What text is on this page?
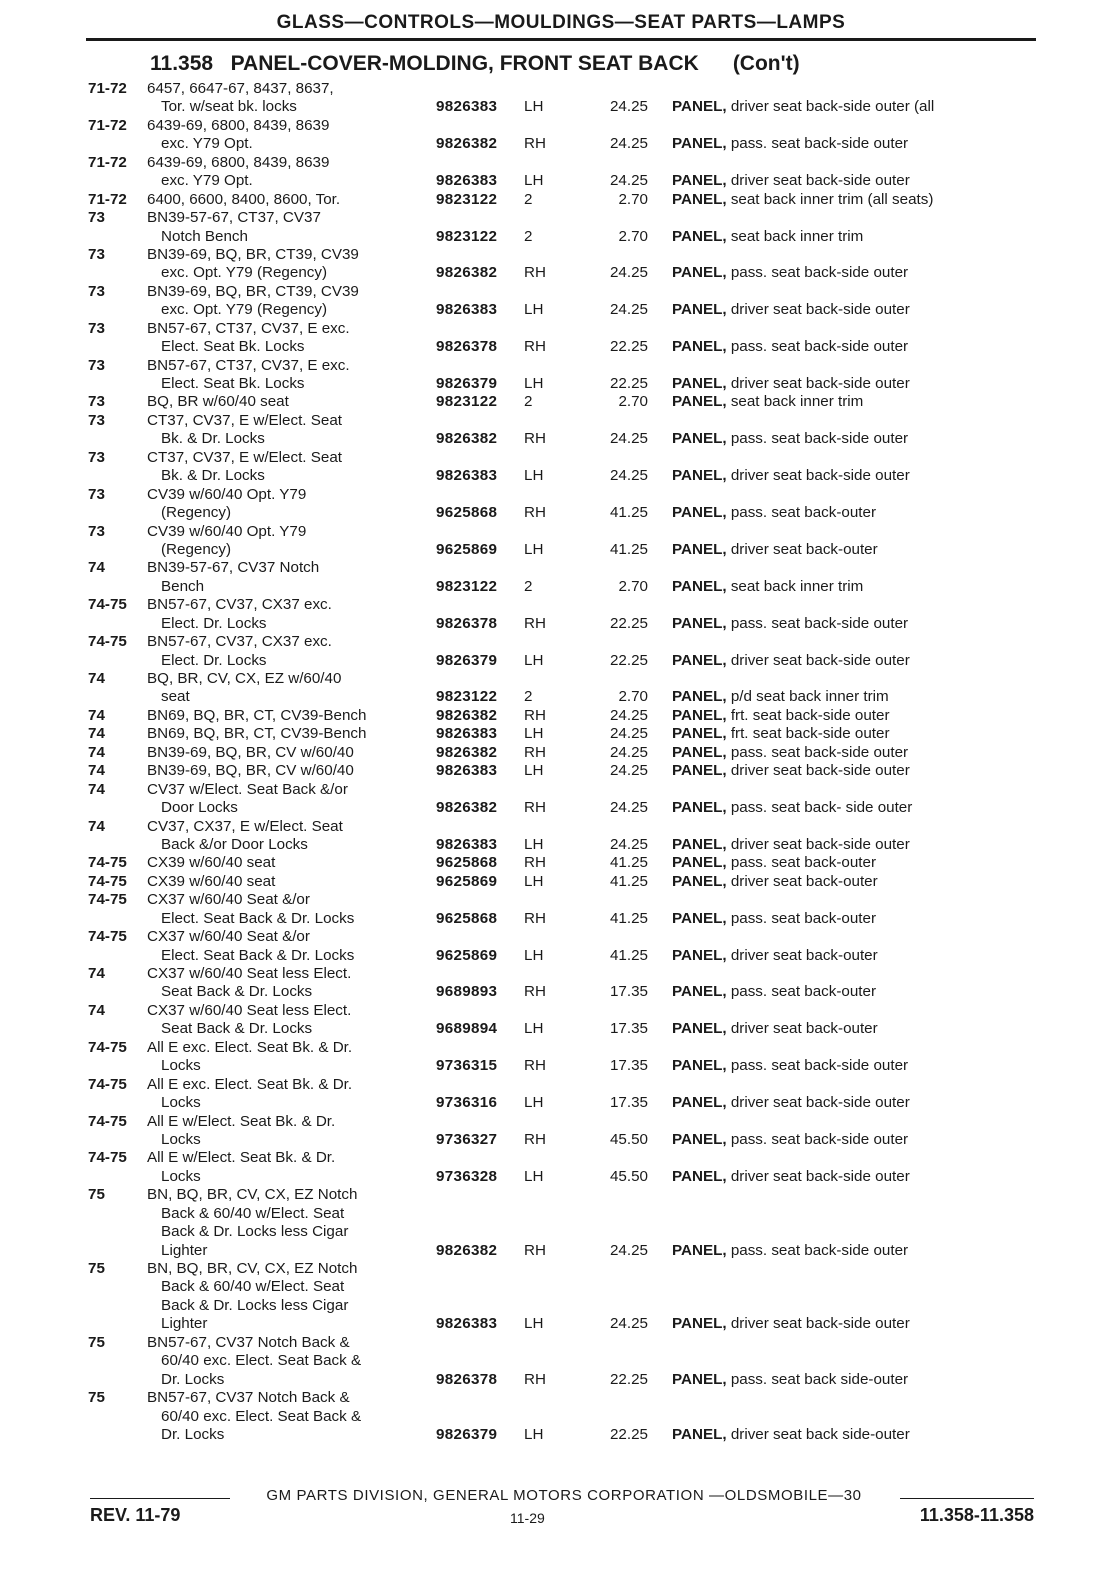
GLASS—CONTROLS—MOULDINGS—SEAT PARTS—LAMPS
11.358 PANEL-COVER-MOLDING, FRONT SEAT BACK (Con't)
71-72 6457, 6647-67, 8437, 8637,
Tor. w/seat bk. locks	9826383 LH	24.25 PANEL, driver seat back-side outer (all
71-72 6439-69, 6800, 8439, 8639
exc. Y79 Opt.	9826382 RH	24.25 PANEL, pass. seat back-side outer
71-72 6439-69, 6800, 8439, 8639
exc. Y79 Opt.	9826383 LH	24.25 PANEL, driver seat back-side outer
71-72 6400, 6600, 8400, 8600, Tor.	9823122 2	2.70 PANEL, seat back inner trim (all seats)
73	BN39-57-67, CT37, CV37
Notch Bench	9823122 2	2.70 PANEL, seat back inner trim
73	BN39-69, BQ, BR, CT39, CV39
exc. Opt. Y79 (Regency)	9826382 RH	24.25 PANEL, pass. seat back-side outer
73	BN39-69, BQ, BR, CT39, CV39
exc. Opt. Y79 (Regency)	9826383 LH	24.25 PANEL, driver seat back-side outer
73	BN57-67, CT37, CV37, E exc.
Elect. Seat Bk. Locks	9826378 RH	22.25 PANEL, pass. seat back-side outer
73	BN57-67, CT37, CV37, E exc.
Elect. Seat Bk. Locks	9826379 LH	22.25 PANEL, driver seat back-side outer
73	BQ, BR w/60/40 seat	9823122 2	2.70 PANEL, seat back inner trim
73	CT37, CV37, E w/Elect. Seat
Bk. & Dr. Locks	9826382 RH	24.25 PANEL, pass. seat back-side outer
73	CT37, CV37, E w/Elect. Seat
Bk. & Dr. Locks	9826383 LH	24.25 PANEL, driver seat back-side outer
73	CV39 w/60/40 Opt. Y79
(Regency)	9625868 RH	41.25 PANEL, pass. seat back-outer
73	CV39 w/60/40 Opt. Y79
(Regency)	9625869 LH	41.25 PANEL, driver seat back-outer
74	BN39-57-67, CV37 Notch
Bench	9823122 2	2.70 PANEL, seat back inner trim
74-75 BN57-67, CV37, CX37 exc.
Elect. Dr. Locks	9826378 RH	22.25 PANEL, pass. seat back-side outer
74-75 BN57-67, CV37, CX37 exc.
Elect. Dr. Locks	9826379 LH	22.25 PANEL, driver seat back-side outer
74	BQ, BR, CV, CX, EZ w/60/40
seat	9823122 2	2.70 PANEL, p/d seat back inner trim
74	BN69, BQ, BR, CT, CV39-Bench	9826382 RH	24.25 PANEL, frt. seat back-side outer
74	BN69, BQ, BR, CT, CV39-Bench	9826383 LH	24.25 PANEL, frt. seat back-side outer
74	BN39-69, BQ, BR, CV w/60/40	9826382 RH	24.25 PANEL, pass. seat back-side outer
74	BN39-69, BQ, BR, CV w/60/40	9826383 LH	24.25 PANEL, driver seat back-side outer
74	CV37 w/Elect. Seat Back &/or
Door Locks	9826382 RH	24.25 PANEL, pass. seat back- side outer
74	CV37, CX37, E w/Elect. Seat
Back &/or Door Locks	9826383 LH	24.25 PANEL, driver seat back-side outer
74-75 CX39 w/60/40 seat	9625868 RH	41.25 PANEL, pass. seat back-outer
74-75 CX39 w/60/40 seat	9625869 LH	41.25 PANEL, driver seat back-outer
74-75 CX37 w/60/40 Seat &/or
Elect. Seat Back & Dr. Locks	9625868 RH	41.25 PANEL, pass. seat back-outer
74-75 CX37 w/60/40 Seat &/or
Elect. Seat Back & Dr. Locks	9625869 LH	41.25 PANEL, driver seat back-outer
74	CX37 w/60/40 Seat less Elect.
Seat Back & Dr. Locks	9689893 RH	17.35 PANEL, pass. seat back-outer
74	CX37 w/60/40 Seat less Elect.
Seat Back & Dr. Locks	9689894 LH	17.35 PANEL, driver seat back-outer
74-75 All E exc. Elect. Seat Bk. & Dr.
Locks	9736315 RH	17.35 PANEL, pass. seat back-side outer
74-75 All E exc. Elect. Seat Bk. & Dr.
Locks	9736316 LH	17.35 PANEL, driver seat back-side outer
74-75 All E w/Elect. Seat Bk. & Dr.
Locks	9736327 RH	45.50 PANEL, pass. seat back-side outer
74-75 All E w/Elect. Seat Bk. & Dr.
Locks	9736328 LH	45.50 PANEL, driver seat back-side outer
75	BN, BQ, BR, CV, CX, EZ Notch
Back & 60/40 w/Elect. Seat
Back & Dr. Locks less Cigar
Lighter	9826382 RH	24.25 PANEL, pass. seat back-side outer
75	BN, BQ, BR, CV, CX, EZ Notch
Back & 60/40 w/Elect. Seat
Back & Dr. Locks less Cigar
Lighter	9826383 LH	24.25 PANEL, driver seat back-side outer
75	BN57-67, CV37 Notch Back &
60/40 exc. Elect. Seat Back &
Dr. Locks	9826378 RH	22.25 PANEL, pass. seat back side-outer
75	BN57-67, CV37 Notch Back &
60/40 exc. Elect. Seat Back &
Dr. Locks	9826379 LH	22.25 PANEL, driver seat back side-outer
GM PARTS DIVISION, GENERAL MOTORS CORPORATION —OLDSMOBILE—30
REV. 11-79	11-29	11.358-11.358
